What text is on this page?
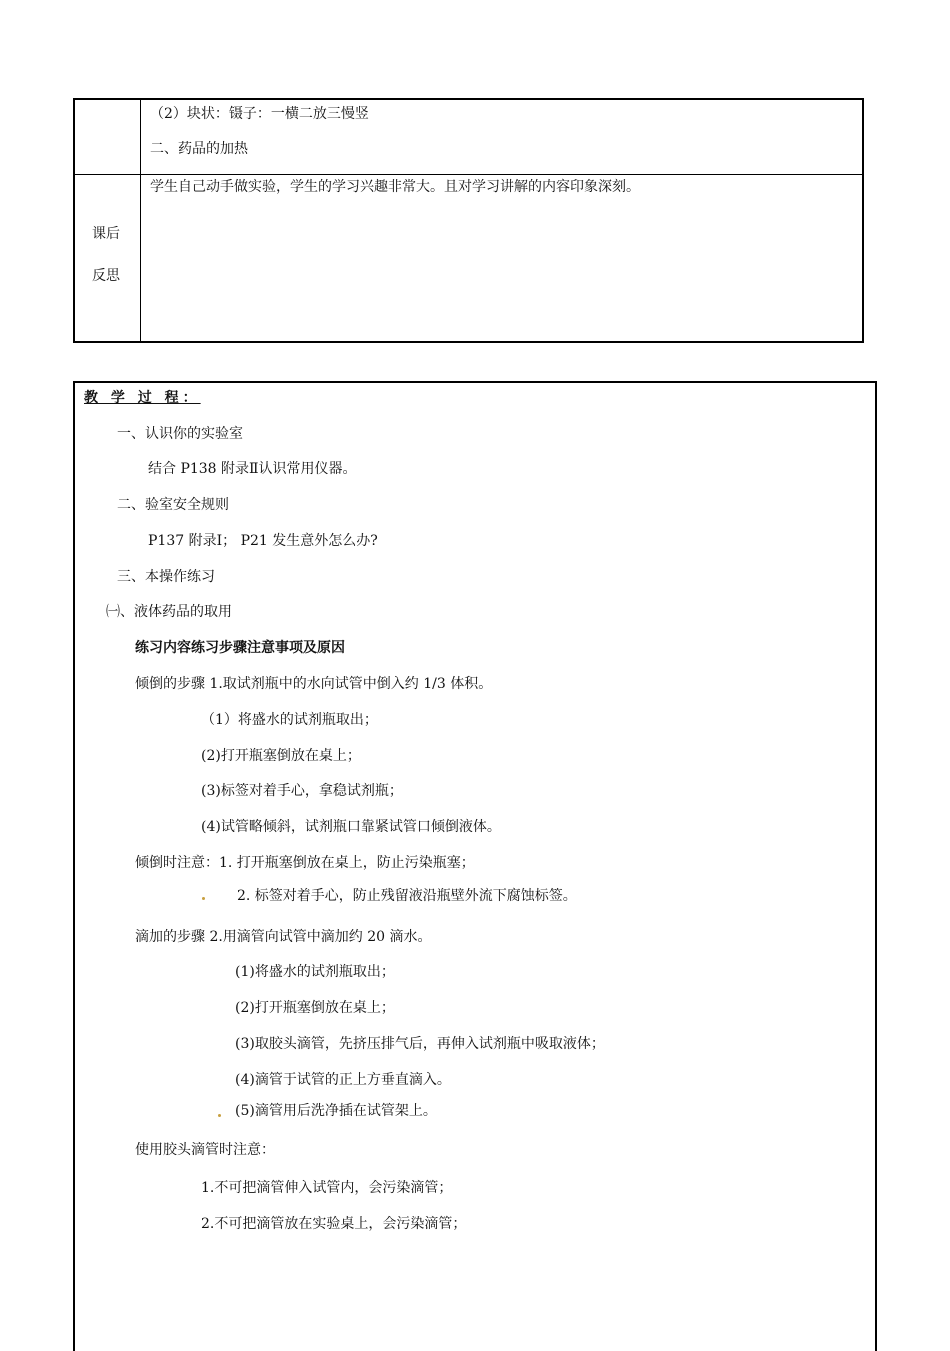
（2）块状：镊子：一横二放三慢竖
二、药品的加热
课后
反思
学生自己动手做实验，学生的学习兴趣非常大。且对学习讲解的内容印象深刻。
教 学 过 程：
一、认识你的实验室
结合 P138 附录Ⅱ认识常用仪器。
二、验室安全规则
P137 附录Ⅰ； P21 发生意外怎么办?
三、本操作练习
㈠、液体药品的取用
练习内容练习步骤注意事项及原因
倾倒的步骤 1.取试剂瓶中的水向试管中倒入约 1/3 体积。
（1）将盛水的试剂瓶取出；
(2)打开瓶塞倒放在桌上；
(3)标签对着手心，拿稳试剂瓶；
(4)试管略倾斜，试剂瓶口靠紧试管口倾倒液体。
倾倒时注意：1. 打开瓶塞倒放在桌上，防止污染瓶塞；
2. 标签对着手心，防止残留液沿瓶壁外流下腐蚀标签。
滴加的步骤 2.用滴管向试管中滴加约 20 滴水。
(1)将盛水的试剂瓶取出；
(2)打开瓶塞倒放在桌上；
(3)取胶头滴管，先挤压排气后，再伸入试剂瓶中吸取液体；
(4)滴管于试管的正上方垂直滴入。
(5)滴管用后洗净插在试管架上。
使用胶头滴管时注意：
1.不可把滴管伸入试管内，会污染滴管；
2.不可把滴管放在实验桌上，会污染滴管；
